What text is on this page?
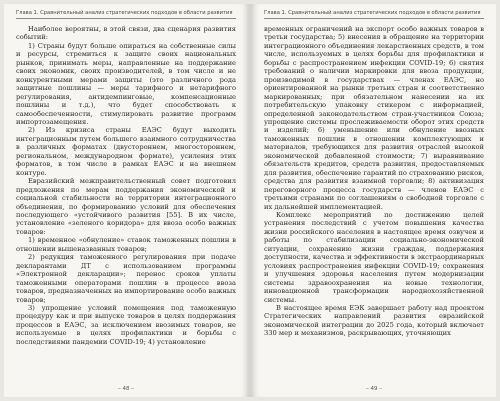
Глава 1. Сравнительный анализ стратегических подходов в области развития

Наиболее вероятны, в этой связи, два сценария развития событий:

1) Страны будут больше опираться на собственные силы и ресурсы, стремиться к защите своих национальных рынков, принимать меры, направленные на поддержание своих экономик, своих производителей, в том числе и не конкурентными мерами защиты (это различного рода защитные пошлины — меры тарифного и нетарифного регулирования, антидемпинговые, компенсационные пошлины и т.д.), что будет способствовать к самообеспеченности, стимулировать развитие программ импортозамещения.

2) Из кризиса страны ЕАЭС будут выходить интеграционным путем большего взаимного сотрудничества в различных форматах (двустороннем, многостороннем, региональном, международном формате), усиления этих форматов, в том числе в рамках ЕАЭС и на внешнем контуре.

Евразийский межправительственный совет подготовил предложения по мерам поддержания экономической и социальной стабильности на территории интеграционного объединения, по формированию условий для обеспечения последующего «устойчивого развития [55]. В их числе, установление «зеленого коридора» для ввоза особо важных товаров:

1) временное «обнуление» ставок таможенных пошлин в отношении вышеназванных товаров;

2) редукция таможенного регулирования при подаче декларантами ДТ с использованием программы «Электронной декларации»; перенос сроков уплаты таможенными операторами пошлин в процессе ввоза товаров, предназначенных на импортирование особо важных товаров;

3) упрощение условий помещения под таможенную процедуру как и при выпуске товаров в целях поддержания процессов в ЕАЭС, за исключением ввозимых товаров, не используемые в целях профилактики и борьбы с последствиями пандемии COVID-19; 4) установление

– 48 –
Глава 1. Сравнительный анализ стратегических подходов в области развития

временных ограничений на экспорт особо важных товаров в третьи государства; 5) внесения в обращение на территории интеграционного объединения лекарственных средств, в том числе, используемых в целях борьбы для профилактики и борьбы с распространением инфекции COVID-19; 6) снятия требований о наличии маркировки для ввоза продукции, производимой в государствах — членах ЕАЭС, но ориентированной на рынки третьих стран и соответственно маркированных; при обязательном нанесении на их потребительскую упаковку стикером с информацией, определенной законодательством стран-участников Союза; упрощение системы прослеживаемости оборот этих средств и изделий; 6) уменьшение или обнуление ввозных таможенных пошлин в отношении комплектующих и материалов, требующихся для развития отраслей высокой экономической добавленной стоимости; 7) выравнивание обязательств кредитов, средств развития, предоставляемых для развития, обеспечение гарантий по страхованию рисков, средства для развития взаимной торговли; 8) активизация переговорного процесса государств — членов ЕАЭС с третьими странами по соглашениям о свободной торговле с их дальнейшей имплементацией.

Комплекс мероприятий по достижению целей устранения последствий с учетом повышения качества жизни российского населения в настоящее время озвучен и работы по стабилизации социально-экономической ситуации, сохранению жизни граждан, поддержания доступности, качества и эффективности в экстраординарных условиях распространения инфекции COVID-19; сохранения и улучшения здоровья населения путем модернизации системы здравоохранения на новые технологии, инновационной трансформации народнохозяйственной системы.

В настоящее время ЕЭК завершает работу над проектом Стратегических направлений развития евразийской экономической интеграции до 2025 года, который включает 330 мер и механизмов, раскрывающих, уточняющих

– 49 –
